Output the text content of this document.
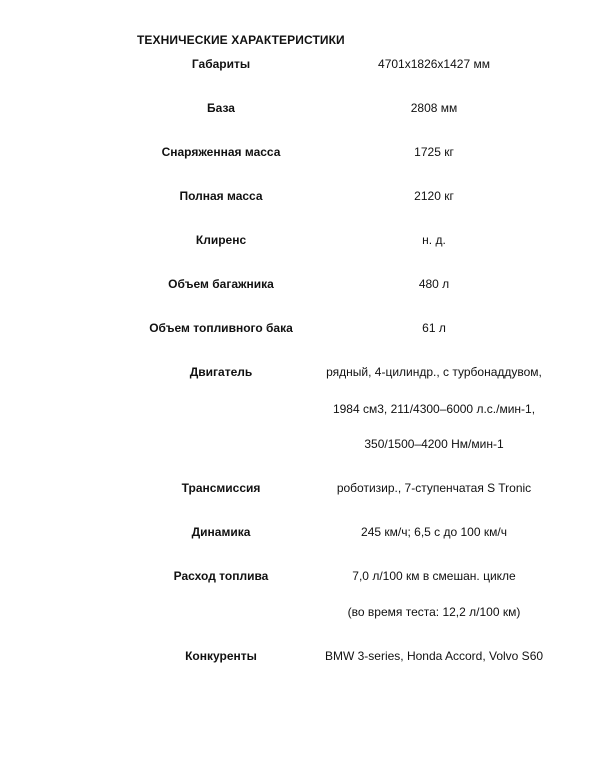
ТЕХНИЧЕСКИЕ ХАРАКТЕРИСТИКИ
Габариты	4701х1826х1427 мм
База	2808 мм
Снаряженная масса	1725 кг
Полная масса	2120 кг
Клиренс	н. д.
Объем багажника	480 л
Объем топливного бака	61 л
Двигатель	рядный, 4-цилиндр., с турбонаддувом,
1984 см3, 211/4300–6000 л.с./мин-1,
350/1500–4200 Нм/мин-1
Трансмиссия	роботизир., 7-ступенчатая S Tronic
Динамика	245 км/ч; 6,5 с до 100 км/ч
Расход топлива	7,0 л/100 км в смешан. цикле
(во время теста: 12,2 л/100 км)
Конкуренты	BMW 3-series, Honda Accord, Volvo S60
